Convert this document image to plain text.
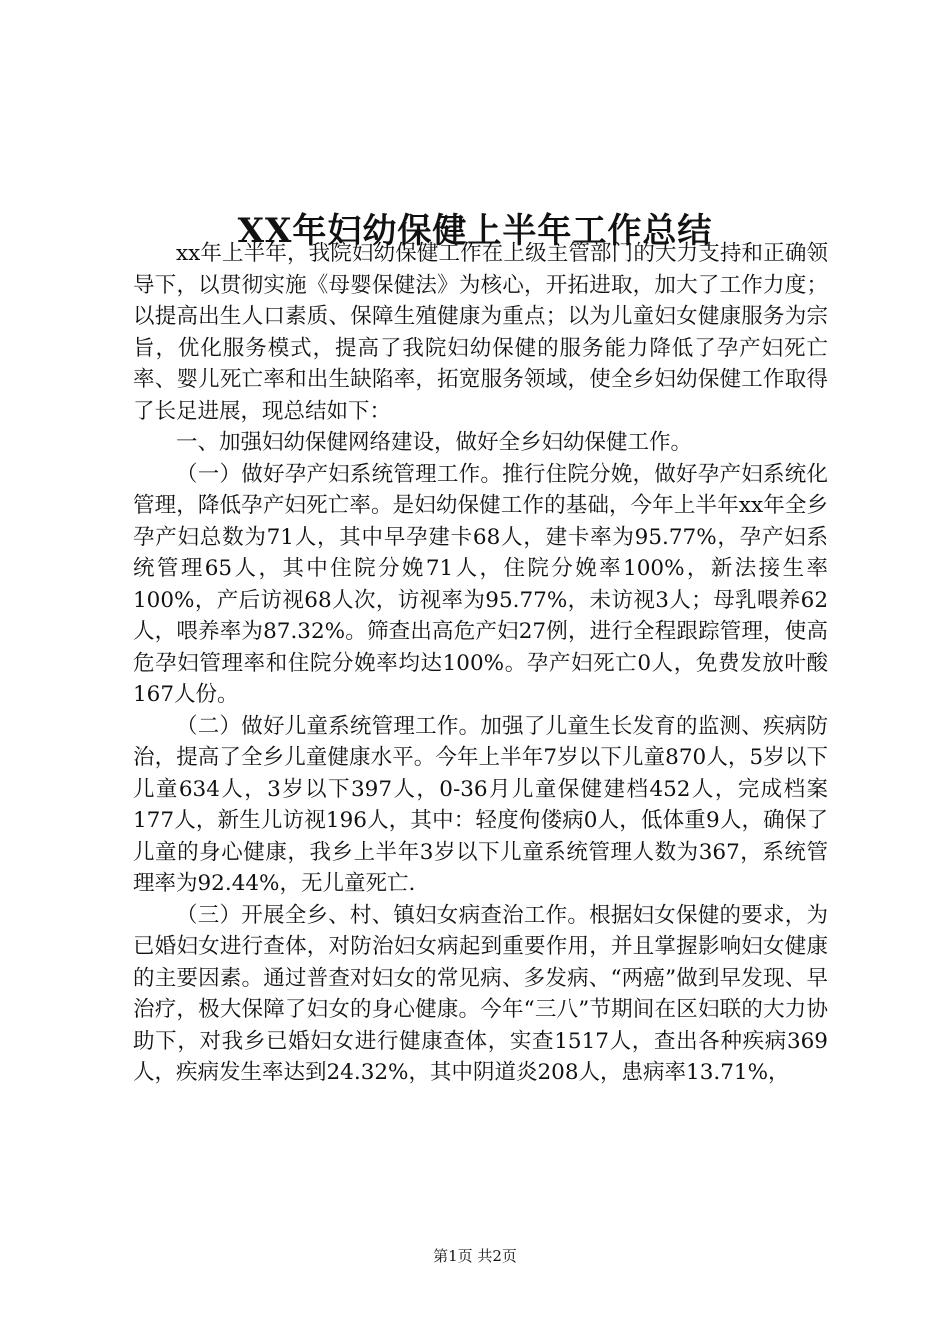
XX年妇幼保健上半年工作总结

xx年上半年，我院妇幼保健工作在上级主管部门的大力支持和正确领导下，以贯彻实施《母婴保健法》为核心，开拓进取，加大了工作力度；以提高出生人口素质、保障生殖健康为重点；以为儿童妇女健康服务为宗旨，优化服务模式，提高了我院妇幼保健的服务能力降低了孕产妇死亡率、婴儿死亡率和出生缺陷率，拓宽服务领域，使全乡妇幼保健工作取得了长足进展，现总结如下：

一、加强妇幼保健网络建设，做好全乡妇幼保健工作。

（一）做好孕产妇系统管理工作。推行住院分娩，做好孕产妇系统化管理，降低孕产妇死亡率。是妇幼保健工作的基础，今年上半年xx年全乡孕产妇总数为71人，其中早孕建卡68人，建卡率为95.77%，孕产妇系统管理65人，其中住院分娩71人，住院分娩率100%，新法接生率100%，产后访视68人次，访视率为95.77%，未访视3人；母乳喂养62人，喂养率为87.32%。筛查出高危产妇27例，进行全程跟踪管理，使高危孕妇管理率和住院分娩率均达100%。孕产妇死亡0人，免费发放叶酸167人份。

（二）做好儿童系统管理工作。加强了儿童生长发育的监测、疾病防治，提高了全乡儿童健康水平。今年上半年7岁以下儿童870人，5岁以下儿童634人，3岁以下397人，0-36月儿童保健建档452人，完成档案177人，新生儿访视196人，其中：轻度佝偻病0人，低体重9人，确保了儿童的身心健康，我乡上半年3岁以下儿童系统管理人数为367，系统管理率为92.44%，无儿童死亡.

（三）开展全乡、村、镇妇女病查治工作。根据妇女保健的要求，为已婚妇女进行查体，对防治妇女病起到重要作用，并且掌握影响妇女健康的主要因素。通过普查对妇女的常见病、多发病、“两癌”做到早发现、早治疗，极大保障了妇女的身心健康。今年“三八”节期间在区妇联的大力协助下，对我乡已婚妇女进行健康查体，实查1517人，查出各种疾病369人，疾病发生率达到24.32%，其中阴道炎208人，患病率13.71%，

第1页 共2页
